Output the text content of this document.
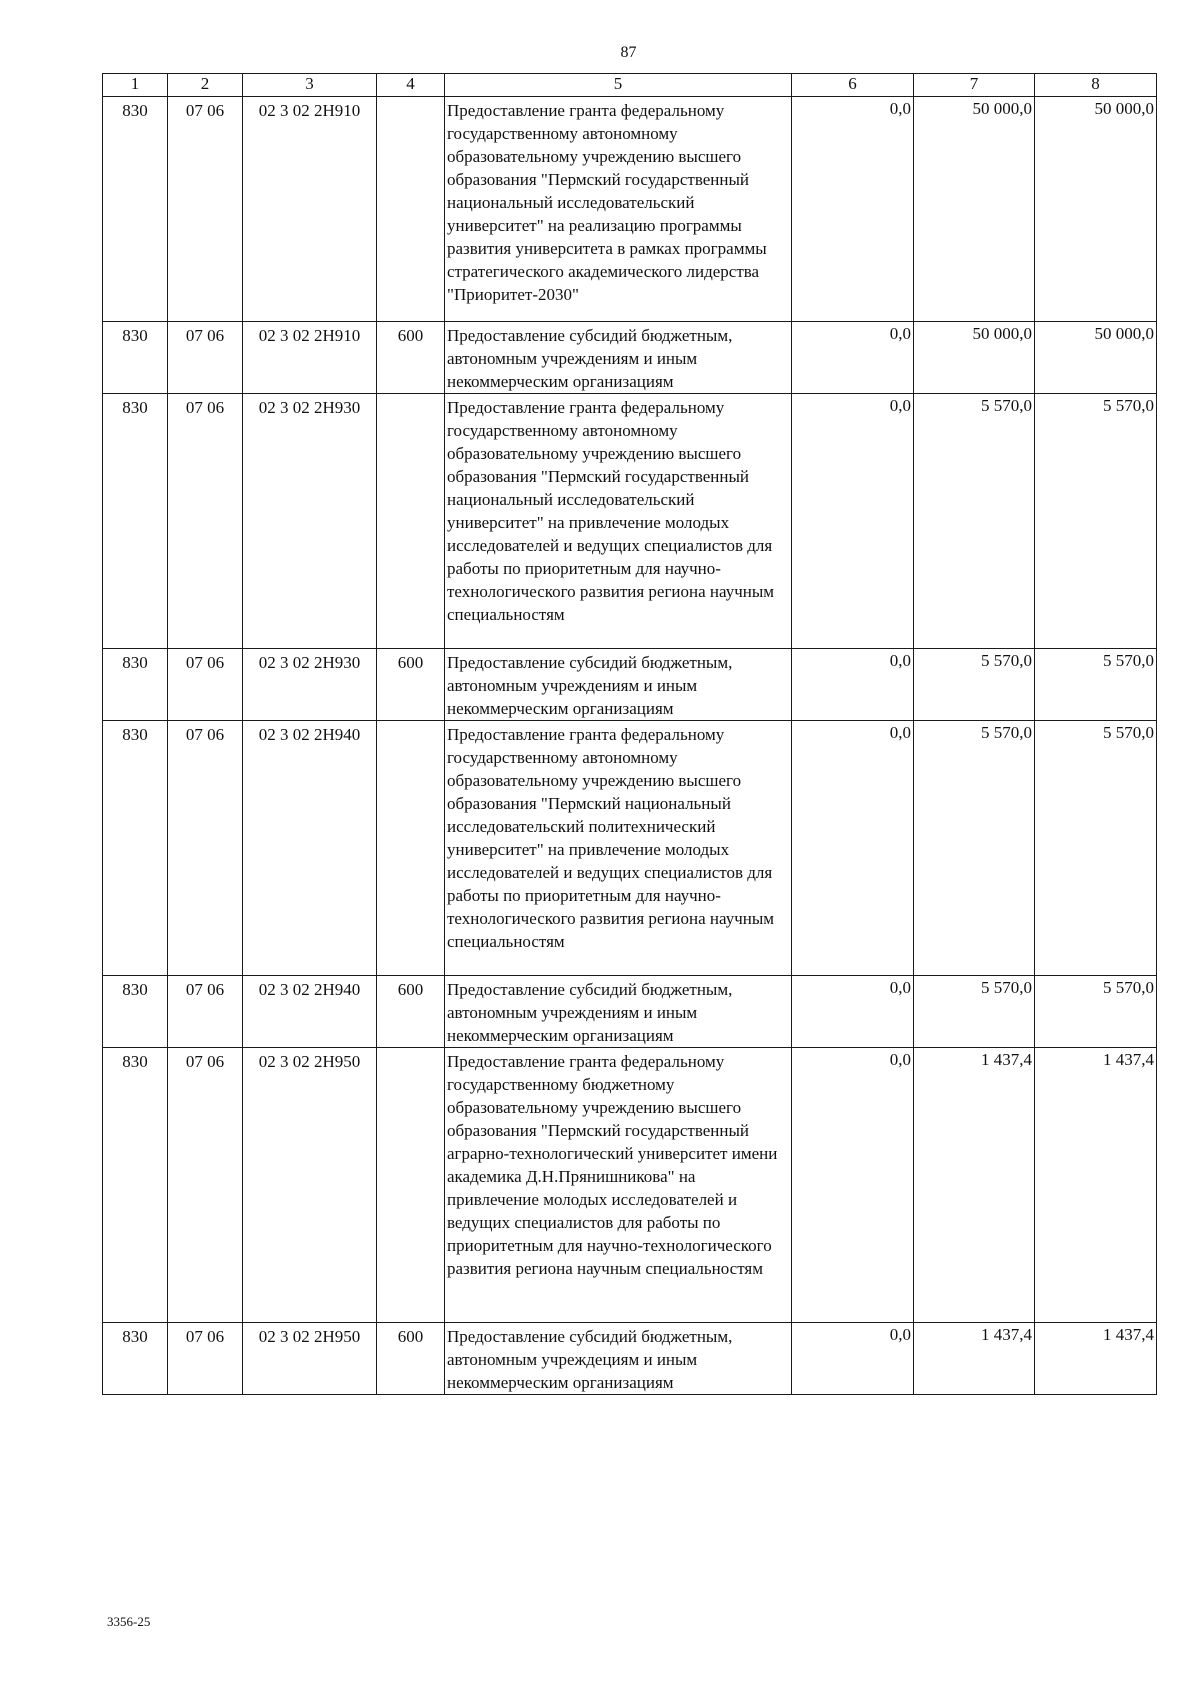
87
1	2	3	4	5	6	7	8
830	07 06	02 3 02 2Н910		Предоставление гранта федеральному государственному автономному образовательному учреждению высшего образования "Пермский государственный национальный исследовательский университет" на реализацию программы развития университета в рамках программы стратегического академического лидерства "Приоритет-2030"	0,0	50 000,0	50 000,0
830	07 06	02 3 02 2Н910	600	Предоставление субсидий бюджетным, автономным учреждениям и иным некоммерческим организациям	0,0	50 000,0	50 000,0
830	07 06	02 3 02 2Н930		Предоставление гранта федеральному государственному автономному образовательному учреждению высшего образования "Пермский государственный национальный исследовательский университет" на привлечение молодых исследователей и ведущих специалистов для работы по приоритетным для научно-технологического развития региона научным специальностям	0,0	5 570,0	5 570,0
830	07 06	02 3 02 2Н930	600	Предоставление субсидий бюджетным, автономным учреждениям и иным некоммерческим организациям	0,0	5 570,0	5 570,0
830	07 06	02 3 02 2Н940		Предоставление гранта федеральному государственному автономному образовательному учреждению высшего образования "Пермский национальный исследовательский политехнический университет" на привлечение молодых исследователей и ведущих специалистов для работы по приоритетным для научно-технологического развития региона научным специальностям	0,0	5 570,0	5 570,0
830	07 06	02 3 02 2Н940	600	Предоставление субсидий бюджетным, автономным учреждениям и иным некоммерческим организациям	0,0	5 570,0	5 570,0
830	07 06	02 3 02 2Н950		Предоставление гранта федеральному государственному бюджетному образовательному учреждению высшего образования "Пермский государственный аграрно-технологический университет имени академика Д.Н.Прянишникова" на привлечение молодых исследователей и ведущих специалистов для работы по приоритетным для научно-технологического развития региона научным специальностям	0,0	1 437,4	1 437,4
830	07 06	02 3 02 2Н950	600	Предоставление субсидий бюджетным, автономным учреждециям и иным некоммерческим организациям	0,0	1 437,4	1 437,4
3356-25
